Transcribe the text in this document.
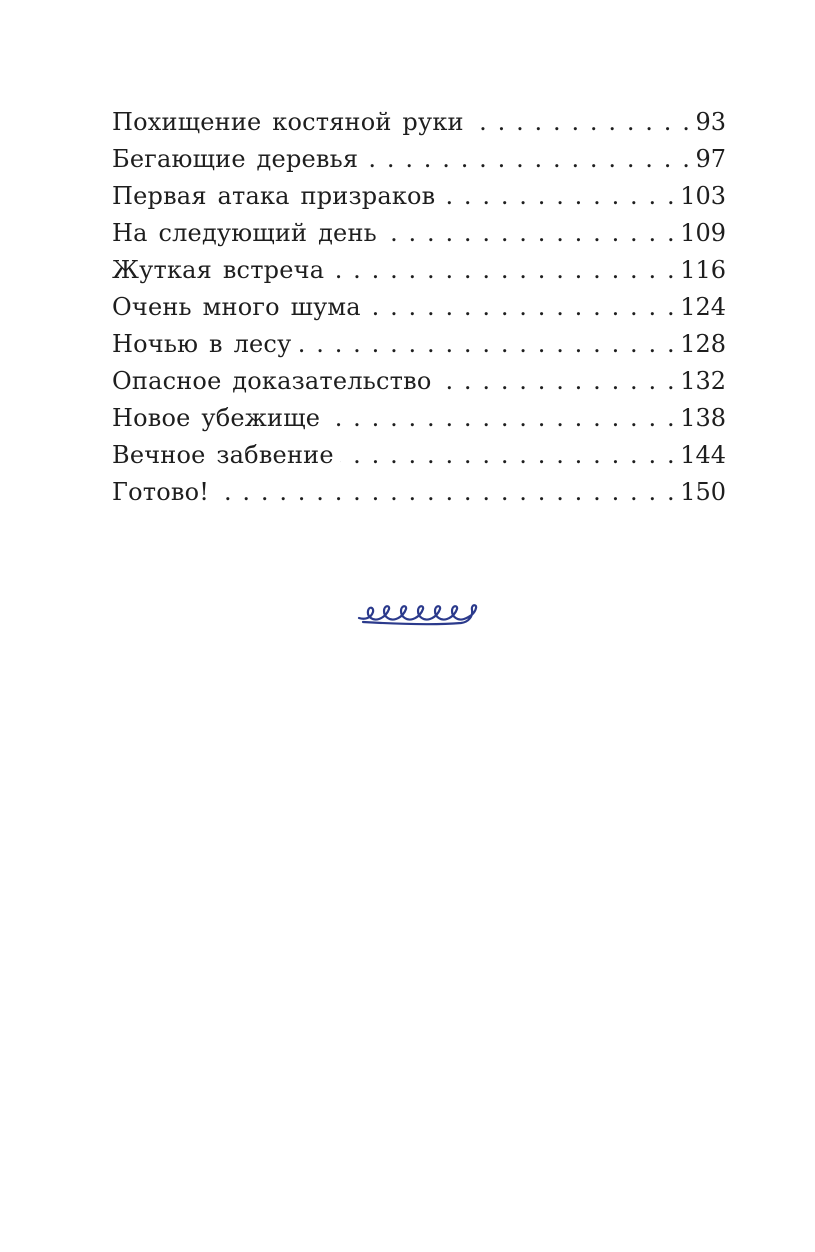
Похищение костяной руки . . .	93
Бегающие деревья . . .	97
Первая атака призраков . . .	103
На следующий день . . .	109
Жуткая встреча . . .	116
Очень много шума . . .	124
Ночью в лесу . . .	128
Опасное доказательство . . .	132
Новое убежище . . .	138
Вечное забвение . . .	144
Готово! . . .	150
